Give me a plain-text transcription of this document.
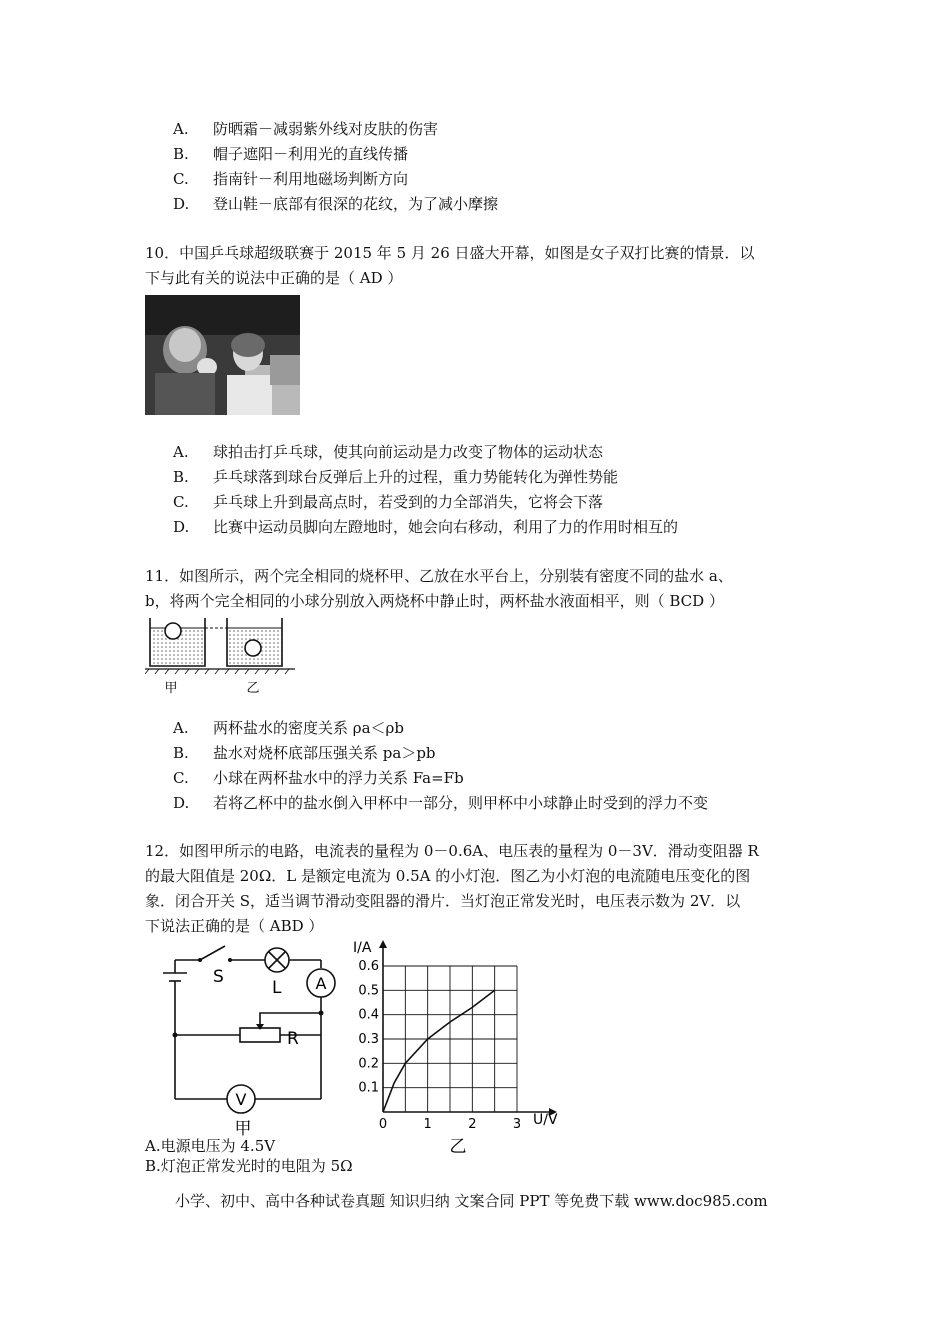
A. 防晒霜－减弱紫外线对皮肤的伤害
B. 帽子遮阳－利用光的直线传播
C. 指南针－利用地磁场判断方向
D. 登山鞋－底部有很深的花纹，为了减小摩擦
10．中国乒乓球超级联赛于 2015 年 5 月 26 日盛大开幕，如图是女子双打比赛的情景．以
下与此有关的说法中正确的是（ AD ）
A. 球拍击打乒乓球，使其向前运动是力改变了物体的运动状态
B. 乒乓球落到球台反弹后上升的过程，重力势能转化为弹性势能
C. 乒乓球上升到最高点时，若受到的力全部消失，它将会下落
D. 比赛中运动员脚向左蹬地时，她会向右移动，利用了力的作用时相互的
11．如图所示，两个完全相同的烧杯甲、乙放在水平台上，分别装有密度不同的盐水 a、
b，将两个完全相同的小球分别放入两烧杯中静止时，两杯盐水液面相平，则（ BCD ）
甲	乙
A. 两杯盐水的密度关系 ρa＜ρb
B. 盐水对烧杯底部压强关系 pa＞pb
C. 小球在两杯盐水中的浮力关系 Fa=Fb
D. 若将乙杯中的盐水倒入甲杯中一部分，则甲杯中小球静止时受到的浮力不变
12．如图甲所示的电路，电流表的量程为 0－0.6A、电压表的量程为 0－3V．滑动变阻器 R
的最大阻值是 20Ω．L 是额定电流为 0.5A 的小灯泡．图乙为小灯泡的电流随电压变化的图
象．闭合开关 S，适当调节滑动变阻器的滑片．当灯泡正常发光时，电压表示数为 2V．以
下说法正确的是（ ABD ）
S
L A
R
V
甲	0	1	2	3
0.1
0.2
0.3
0.4
0.5
0.6
I/A
U/V
乙
A.电源电压为 4.5V
B.灯泡正常发光时的电阻为 5Ω
小学、初中、高中各种试卷真题 知识归纳 文案合同 PPT 等免费下载 www.doc985.com
